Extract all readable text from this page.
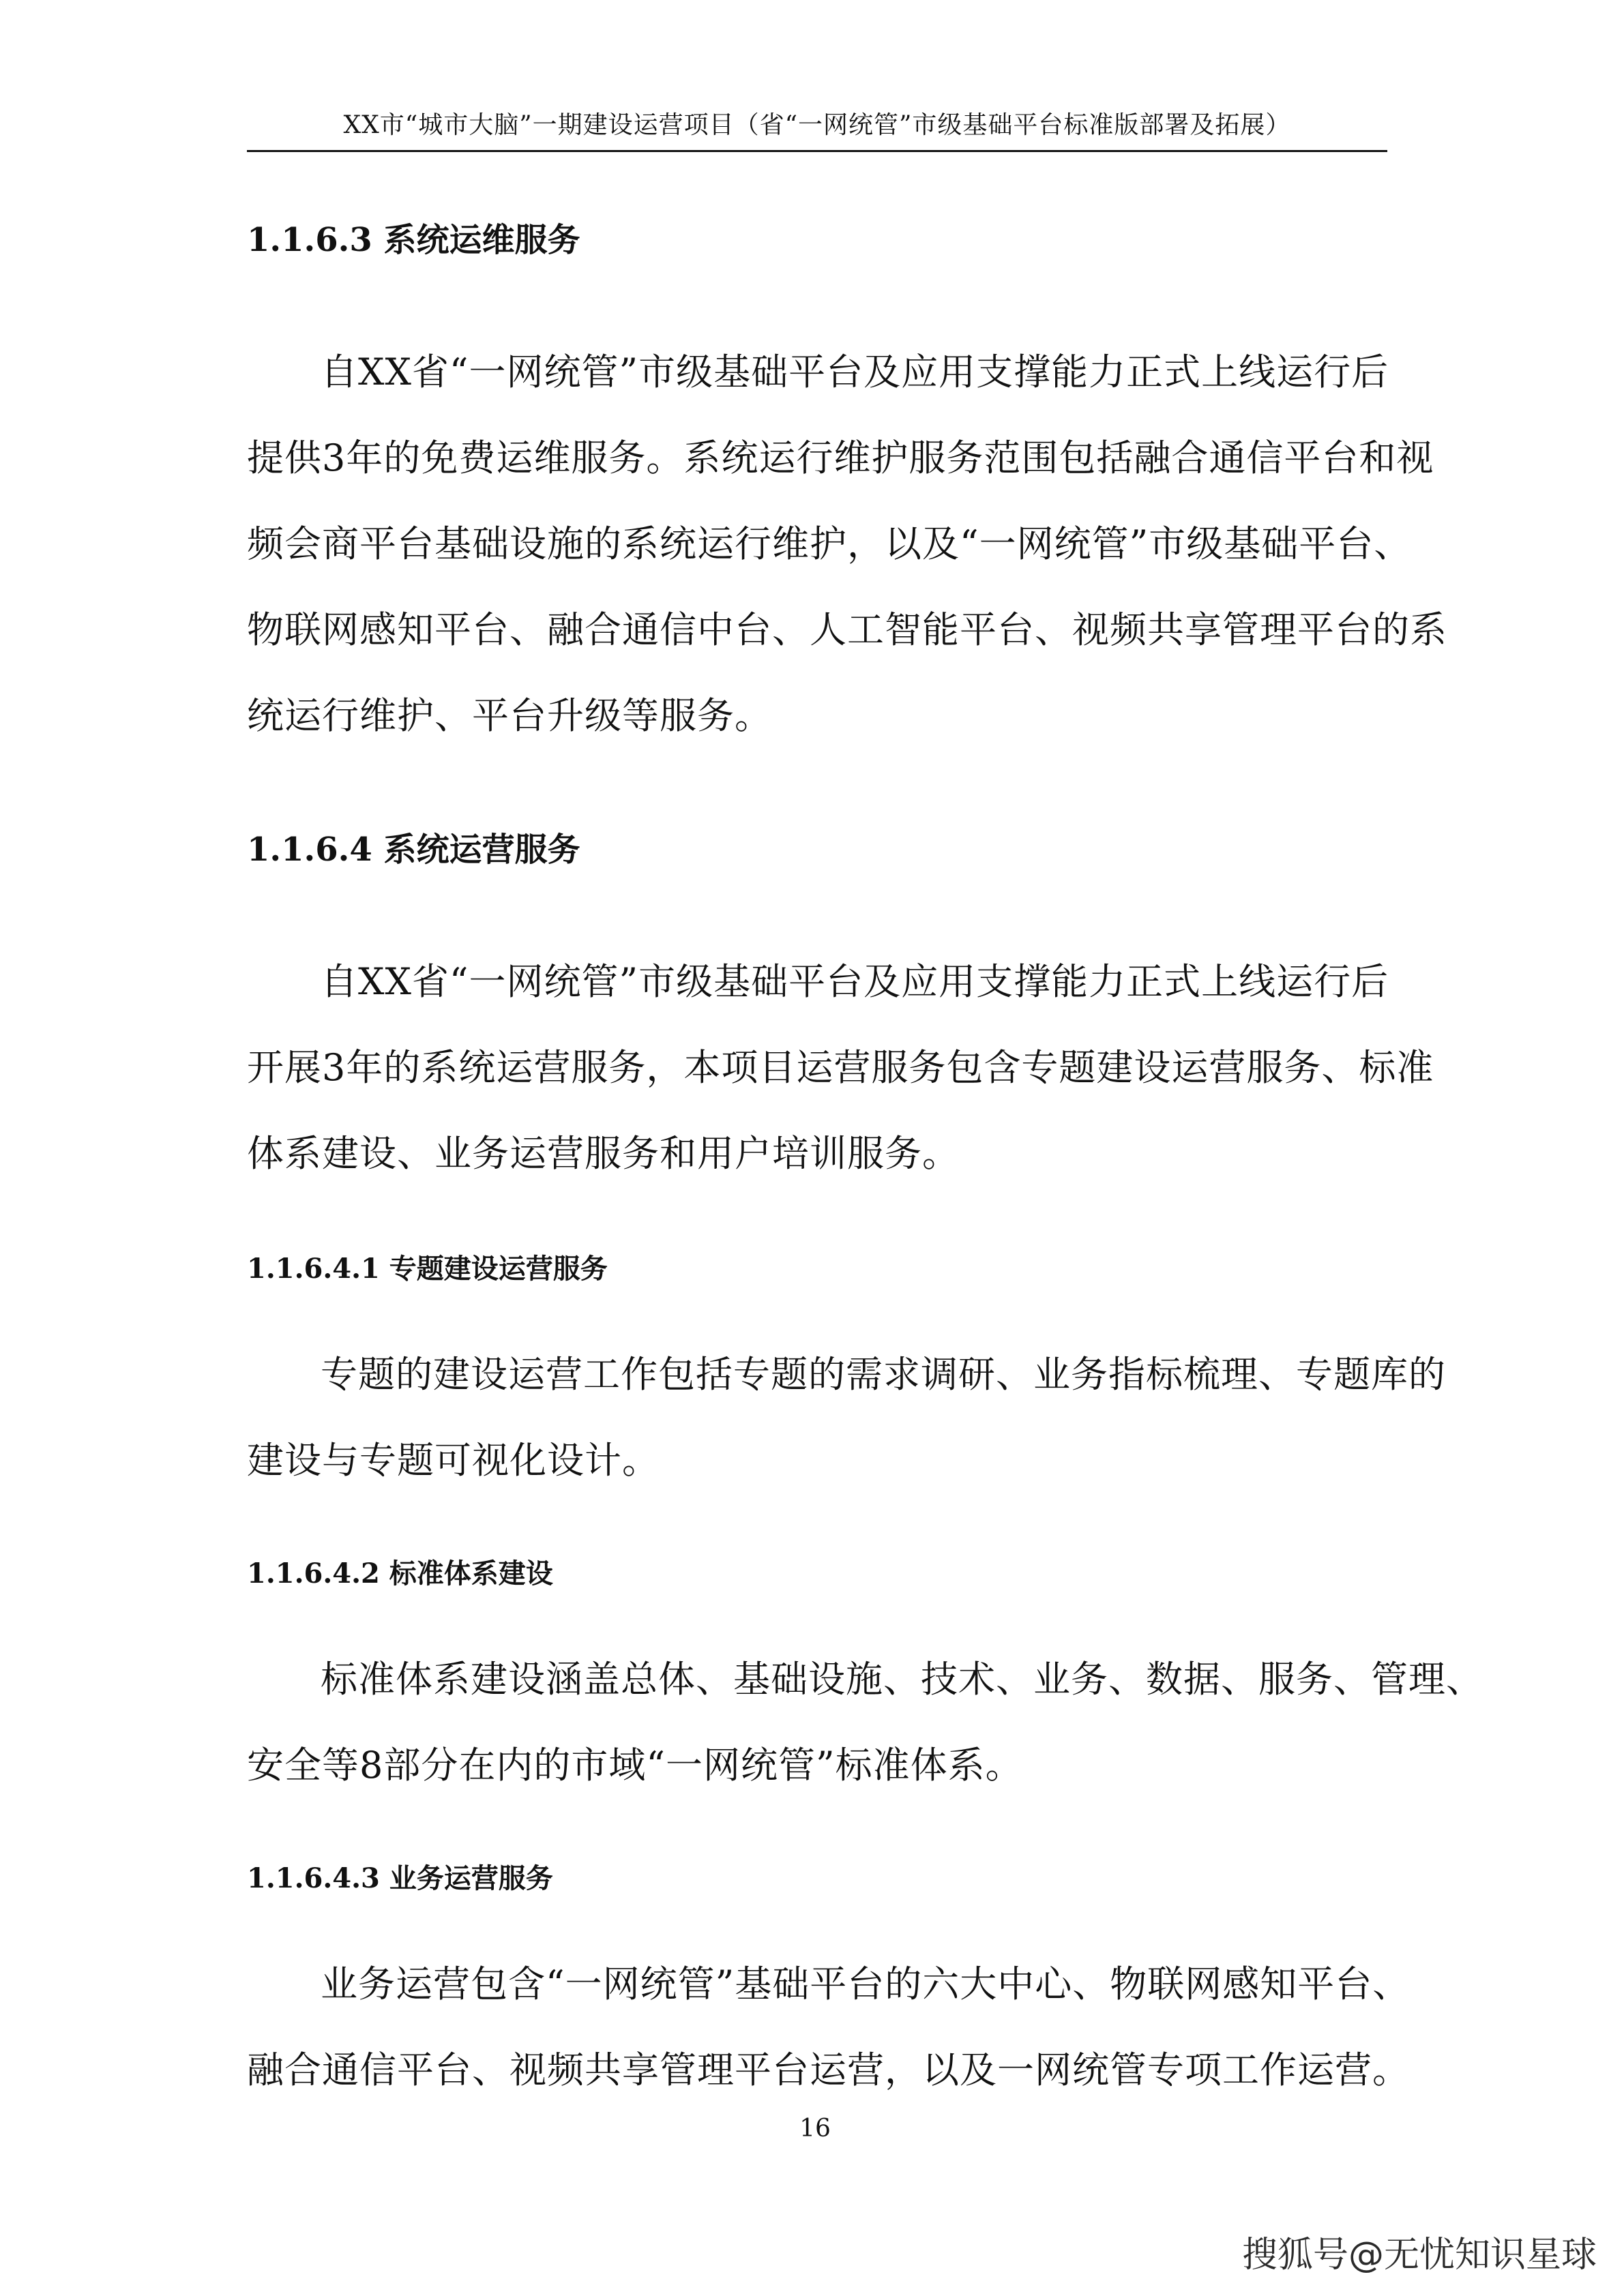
XX市“城市大脑”一期建设运营项目（省“一网统管”市级基础平台标准版部署及拓展）
1.1.6.3 系统运维服务
自XX省“一网统管”市级基础平台及应用支撑能力正式上线运行后
提供3年的免费运维服务。系统运行维护服务范围包括融合通信平台和视
频会商平台基础设施的系统运行维护，以及“一网统管”市级基础平台、
物联网感知平台、融合通信中台、人工智能平台、视频共享管理平台的系
统运行维护、平台升级等服务。
1.1.6.4 系统运营服务
自XX省“一网统管”市级基础平台及应用支撑能力正式上线运行后
开展3年的系统运营服务，本项目运营服务包含专题建设运营服务、标准
体系建设、业务运营服务和用户培训服务。
1.1.6.4.1 专题建设运营服务
专题的建设运营工作包括专题的需求调研、业务指标梳理、专题库的
建设与专题可视化设计。
1.1.6.4.2 标准体系建设
标准体系建设涵盖总体、基础设施、技术、业务、数据、服务、管理、
安全等8部分在内的市域“一网统管”标准体系。
1.1.6.4.3 业务运营服务
业务运营包含“一网统管”基础平台的六大中心、物联网感知平台、
融合通信平台、视频共享管理平台运营，以及一网统管专项工作运营。
16
搜狐号@无忧知识星球
